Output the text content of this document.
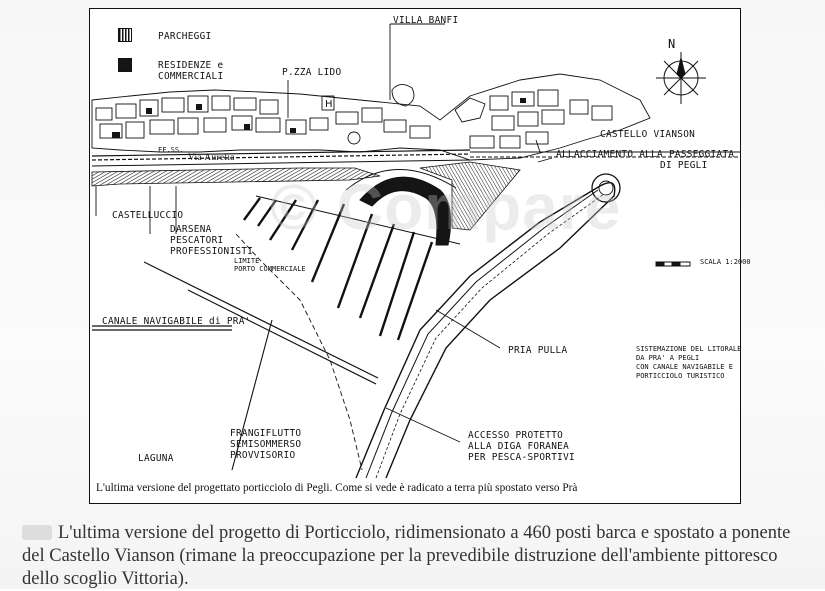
H
PARCHEGGI
RESIDENZE e
COMMERCIALI
N
VILLA BANFI
P.ZZA LIDO
Via Aurelia
FF.SS.
CASTELLO VIANSON
ALLACCIAMENTO ALLA PASSEGGIATA
DI PEGLI
CASTELLUCCIO
DARSENA
PESCATORI
PROFESSIONISTI
LIMITE
PORTO COMMERCIALE
CANALE NAVIGABILE di PRA'
PRIA PULLA
FRANGIFLUTTO
SEMISOMMERSO
PROVVISORIO
ACCESSO PROTETTO
ALLA DIGA FORANEA
PER PESCA-SPORTIVI
LAGUNA
SCALA 1:2000
SISTEMAZIONE DEL LITORALE
DA PRA' A PEGLI
CON CANALE NAVIGABILE E
PORTICCIOLO TURISTICO
© Compare
L'ultima versione del progettato porticciolo di Pegli. Come si vede è radicato a terra più spostato verso Prà
L'ultima versione del progetto di Porticciolo, ridimensionato a 460 posti barca e spostato a ponente del Castello Vianson (rimane la preoccupazione per la prevedibile distruzione dell'ambiente pittoresco dello scoglio Vittoria).
